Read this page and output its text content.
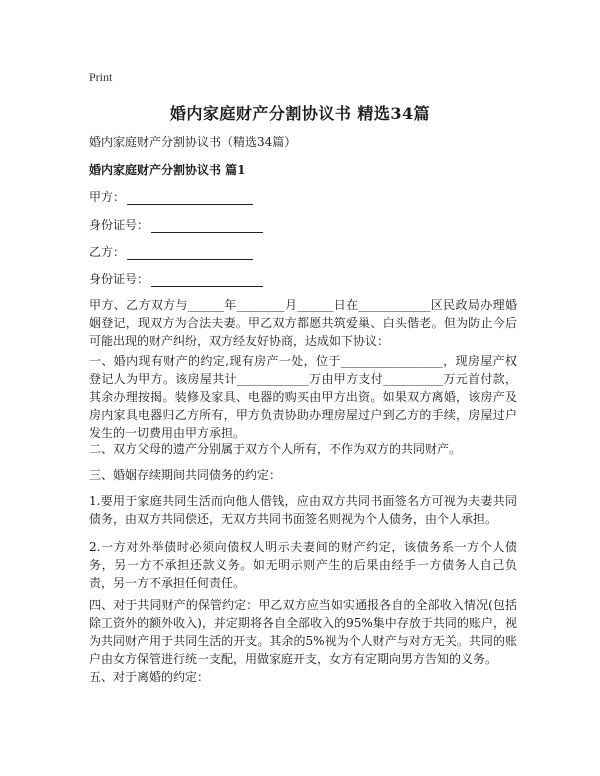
Print
婚内家庭财产分割协议书 精选34篇
婚内家庭财产分割协议书（精选34篇）
婚内家庭财产分割协议书 篇1
甲方：
身份证号：
乙方：
身份证号：
甲方、乙方双方与______年________月______日在____________区民政局办理婚姻登记，现双方为合法夫妻。甲乙双方都愿共筑爱巢、白头偕老。但为防止今后可能出现的财产纠纷，双方经友好协商，达成如下协议：
一、婚内现有财产的约定,现有房产一处，位于_________________，现房屋产权登记人为甲方。该房屋共计____________万由甲方支付__________万元首付款，其余办理按揭。装修及家具、电器的购买由甲方出资。如果双方离婚，该房产及房内家具电器归乙方所有，甲方负责协助办理房屋过户到乙方的手续，房屋过户发生的一切费用由甲方承担。
二、双方父母的遗产分别属于双方个人所有，不作为双方的共同财产。
三、婚姻存续期间共同债务的约定：
1.要用于家庭共同生活而向他人借钱，应由双方共同书面签名方可视为夫妻共同债务，由双方共同偿还，无双方共同书面签名则视为个人债务，由个人承担。
2.一方对外举债时必须向债权人明示夫妻间的财产约定，该债务系一方个人债务，另一方不承担还款义务。如无明示则产生的后果由经手一方债务人自己负责，另一方不承担任何责任。
四、对于共同财产的保管约定：甲乙双方应当如实通报各自的全部收入情况(包括除工资外的额外收入)，并定期将各自全部收入的95%集中存放于共同的账户，视为共同财产用于共同生活的开支。其余的5%视为个人财产与对方无关。共同的账户由女方保管进行统一支配，用做家庭开支，女方有定期向男方告知的义务。
五、对于离婚的约定：
